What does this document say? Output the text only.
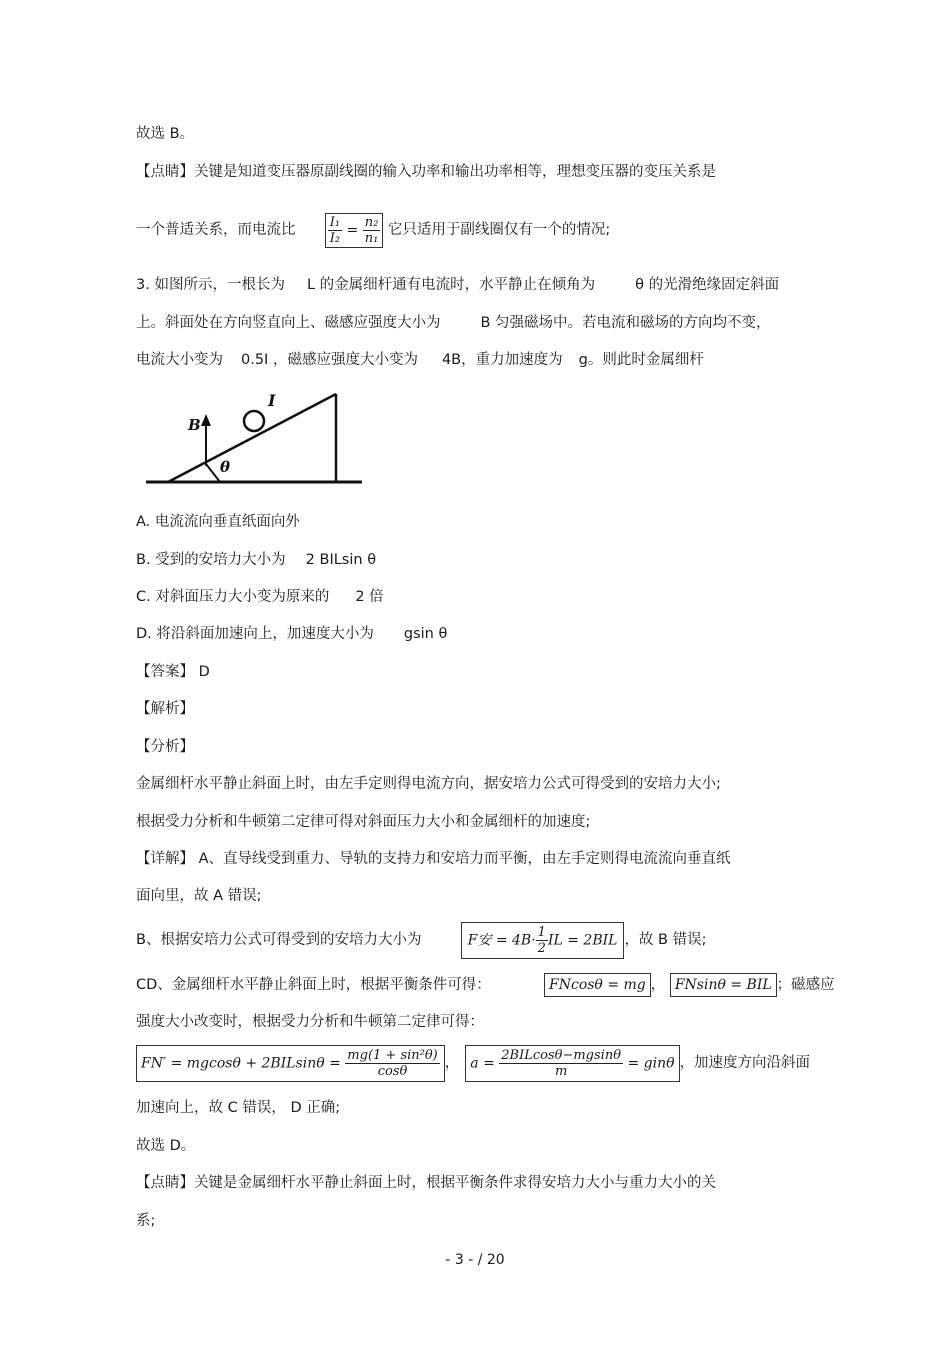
故选 B。
【点睛】关键是知道变压器原副线圈的输入功率和输出功率相等，理想变压器的变压关系是
一个普适关系，而电流比 $\frac{\text{I₁}}{\text{I₂}} = \frac{\text{n₂}}{\text{n₁}}$ 它只适用于副线圈仅有一个的情况;
3. 如图所示，一根长为 L 的金属细杆通有电流时，水平静止在倾角为	θ 的光滑绝缘固定斜面
上。斜面处在方向竖直向上、磁感应强度大小为	B 匀强磁场中。若电流和磁场的方向均不变，
电流大小变为 0.5I ，磁感应强度大小变为 4B，重力加速度为 g。则此时金属细杆
B
I
θ
A. 电流流向垂直纸面向外
B. 受到的安培力大小为 2 BILsin θ
C. 对斜面压力大小变为原来的 2 倍
D. 将沿斜面加速向上，加速度大小为 gsin θ
【答案】 D
【解析】
【分析】
金属细杆水平静止斜面上时，由左手定则得电流方向，据安培力公式可得受到的安培力大小;
根据受力分析和牛顿第二定律可得对斜面压力大小和金属细杆的加速度;
【详解】 A、直导线受到重力、导轨的支持力和安培力而平衡，由左手定则得电流流向垂直纸
面向里，故 A 错误;
B、根据安培力公式可得受到的安培力大小为	F安 = $4B\cdot \frac{1}{2}$ IL = 2BIL ，故 B 错误;
CD、金属细杆水平静止斜面上时，根据平衡条件可得：	FNcosθ = mg ， FNsinθ = BIL ；磁感应
强度大小改变时，根据受力分析和牛顿第二定律可得：
$FN' = mgcos\theta + 2BILsin\theta = \frac{\text{mg(1 + sin²θ)}}{\cos\theta}$ ， $a = \frac{\text{2BILcosθ−mgsinθ}}{m} = gin\theta$ ，加速度方向沿斜面
加速向上，故 C 错误， D 正确;
故选 D。
【点睛】关键是金属细杆水平静止斜面上时，根据平衡条件求得安培力大小与重力大小的关
系;
- 3 - / 20
